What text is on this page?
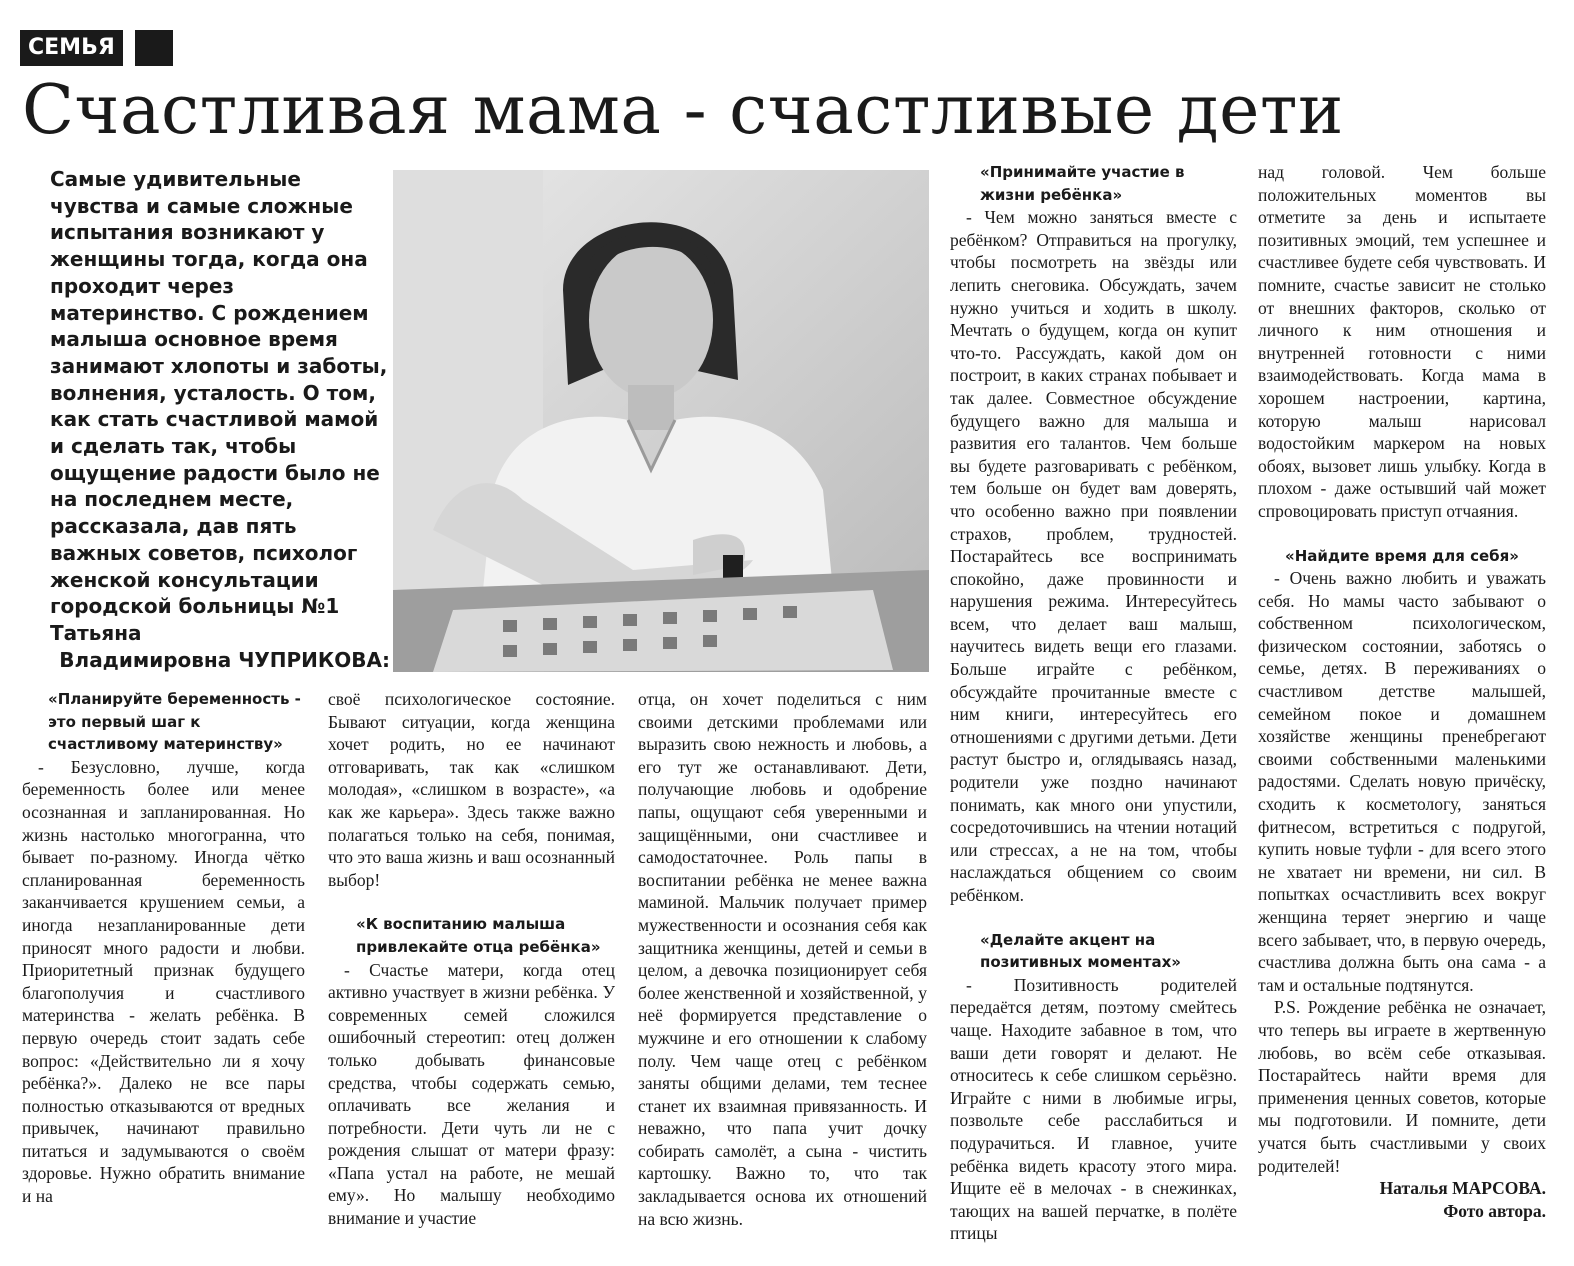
СЕМЬЯ
Счастливая мама - счастливые дети
Самые удивительные чувства и самые сложные испытания возникают у женщины тогда, когда она проходит через материнство. С рождением малыша основное время занимают хлопоты и заботы, волнения, усталость. О том, как стать счастливой мамой и сделать так, чтобы ощущение радости было не на последнем месте, рассказала, дав пять важных советов, психолог женской консультации городской больницы №1 Татьяна
Владимировна ЧУПРИКОВА:
«Планируйте беременность - это первый шаг к счастливому материнству»

- Безусловно, лучше, когда беременность более или менее осознанная и запланированная. Но жизнь настолько многогранна, что бывает по-разному. Иногда чётко спланированная беременность заканчивается крушением семьи, а иногда незапланированные дети приносят много радости и любви. Приоритетный признак будущего благополучия и счастливого материнства - желать ребёнка. В первую очередь стоит задать себе вопрос: «Действительно ли я хочу ребёнка?». Далеко не все пары полностью отказываются от вредных привычек, начинают правильно питаться и задумываются о своём здоровье. Нужно обратить внимание и на

своё психологическое состояние. Бывают ситуации, когда женщина хочет родить, но ее начинают отговаривать, так как «слишком молодая», «слишком в возрасте», «а как же карьера». Здесь также важно полагаться только на себя, понимая, что это ваша жизнь и ваш осознанный выбор!

«К воспитанию малыша привлекайте отца ребёнка»

- Счастье матери, когда отец активно участвует в жизни ребёнка. У современных семей сложился ошибочный стереотип: отец должен только добывать финансовые средства, чтобы содержать семью, оплачивать все желания и потребности. Дети чуть ли не с рождения слышат от матери фразу: «Папа устал на работе, не мешай ему». Но малышу необходимо внимание и участие

отца, он хочет поделиться с ним своими детскими проблемами или выразить свою нежность и любовь, а его тут же останавливают. Дети, получающие любовь и одобрение папы, ощущают себя уверенными и защищёнными, они счастливее и самодостаточнее. Роль папы в воспитании ребёнка не менее важна маминой. Мальчик получает пример мужественности и осознания себя как защитника женщины, детей и семьи в целом, а девочка позиционирует себя более женственной и хозяйственной, у неё формируется представление о мужчине и его отношении к слабому полу. Чем чаще отец с ребёнком заняты общими делами, тем теснее станет их взаимная привязанность. И неважно, что папа учит дочку собирать самолёт, а сына - чистить картошку. Важно то, что так закладывается основа их отношений на всю жизнь.

«Принимайте участие в жизни ребёнка»

- Чем можно заняться вместе с ребёнком? Отправиться на прогулку, чтобы посмотреть на звёзды или лепить снеговика. Обсуждать, зачем нужно учиться и ходить в школу. Мечтать о будущем, когда он купит что-то. Рассуждать, какой дом он построит, в каких странах побывает и так далее. Совместное обсуждение будущего важно для малыша и развития его талантов. Чем больше вы будете разговаривать с ребёнком, тем больше он будет вам доверять, что особенно важно при появлении страхов, проблем, трудностей. Постарайтесь все воспринимать спокойно, даже провинности и нарушения режима. Интересуйтесь всем, что делает ваш малыш, научитесь видеть вещи его глазами. Больше играйте с ребёнком, обсуждайте прочитанные вместе с ним книги, интересуйтесь его отношениями с другими детьми. Дети растут быстро и, оглядываясь назад, родители уже поздно начинают понимать, как много они упустили, сосредоточившись на чтении нотаций или стрессах, а не на том, чтобы наслаждаться общением со своим ребёнком.

«Делайте акцент на позитивных моментах»

- Позитивность родителей передаётся детям, поэтому смейтесь чаще. Находите забавное в том, что ваши дети говорят и делают. Не относитесь к себе слишком серьёзно. Играйте с ними в любимые игры, позвольте себе расслабиться и подурачиться. И главное, учите ребёнка видеть красоту этого мира. Ищите её в мелочах - в снежинках, тающих на вашей перчатке, в полёте птицы

над головой. Чем больше положительных моментов вы отметите за день и испытаете позитивных эмоций, тем успешнее и счастливее будете себя чувствовать. И помните, счастье зависит не столько от внешних факторов, сколько от личного к ним отношения и внутренней готовности с ними взаимодействовать. Когда мама в хорошем настроении, картина, которую малыш нарисовал водостойким маркером на новых обоях, вызовет лишь улыбку. Когда в плохом - даже остывший чай может спровоцировать приступ отчаяния.

«Найдите время для себя»

- Очень важно любить и уважать себя. Но мамы часто забывают о собственном психологическом, физическом состоянии, заботясь о семье, детях. В переживаниях о счастливом детстве малышей, семейном покое и домашнем хозяйстве женщины пренебрегают своими собственными маленькими радостями. Сделать новую причёску, сходить к косметологу, заняться фитнесом, встретиться с подругой, купить новые туфли - для всего этого не хватает ни времени, ни сил. В попытках осчастливить всех вокруг женщина теряет энергию и чаще всего забывает, что, в первую очередь, счастлива должна быть она сама - а там и остальные подтянутся.

P.S. Рождение ребёнка не означает, что теперь вы играете в жертвенную любовь, во всём себе отказывая. Постарайтесь найти время для применения ценных советов, которые мы подготовили. И помните, дети учатся быть счастливыми у своих родителей!

Наталья МАРСОВА.
Фото автора.
